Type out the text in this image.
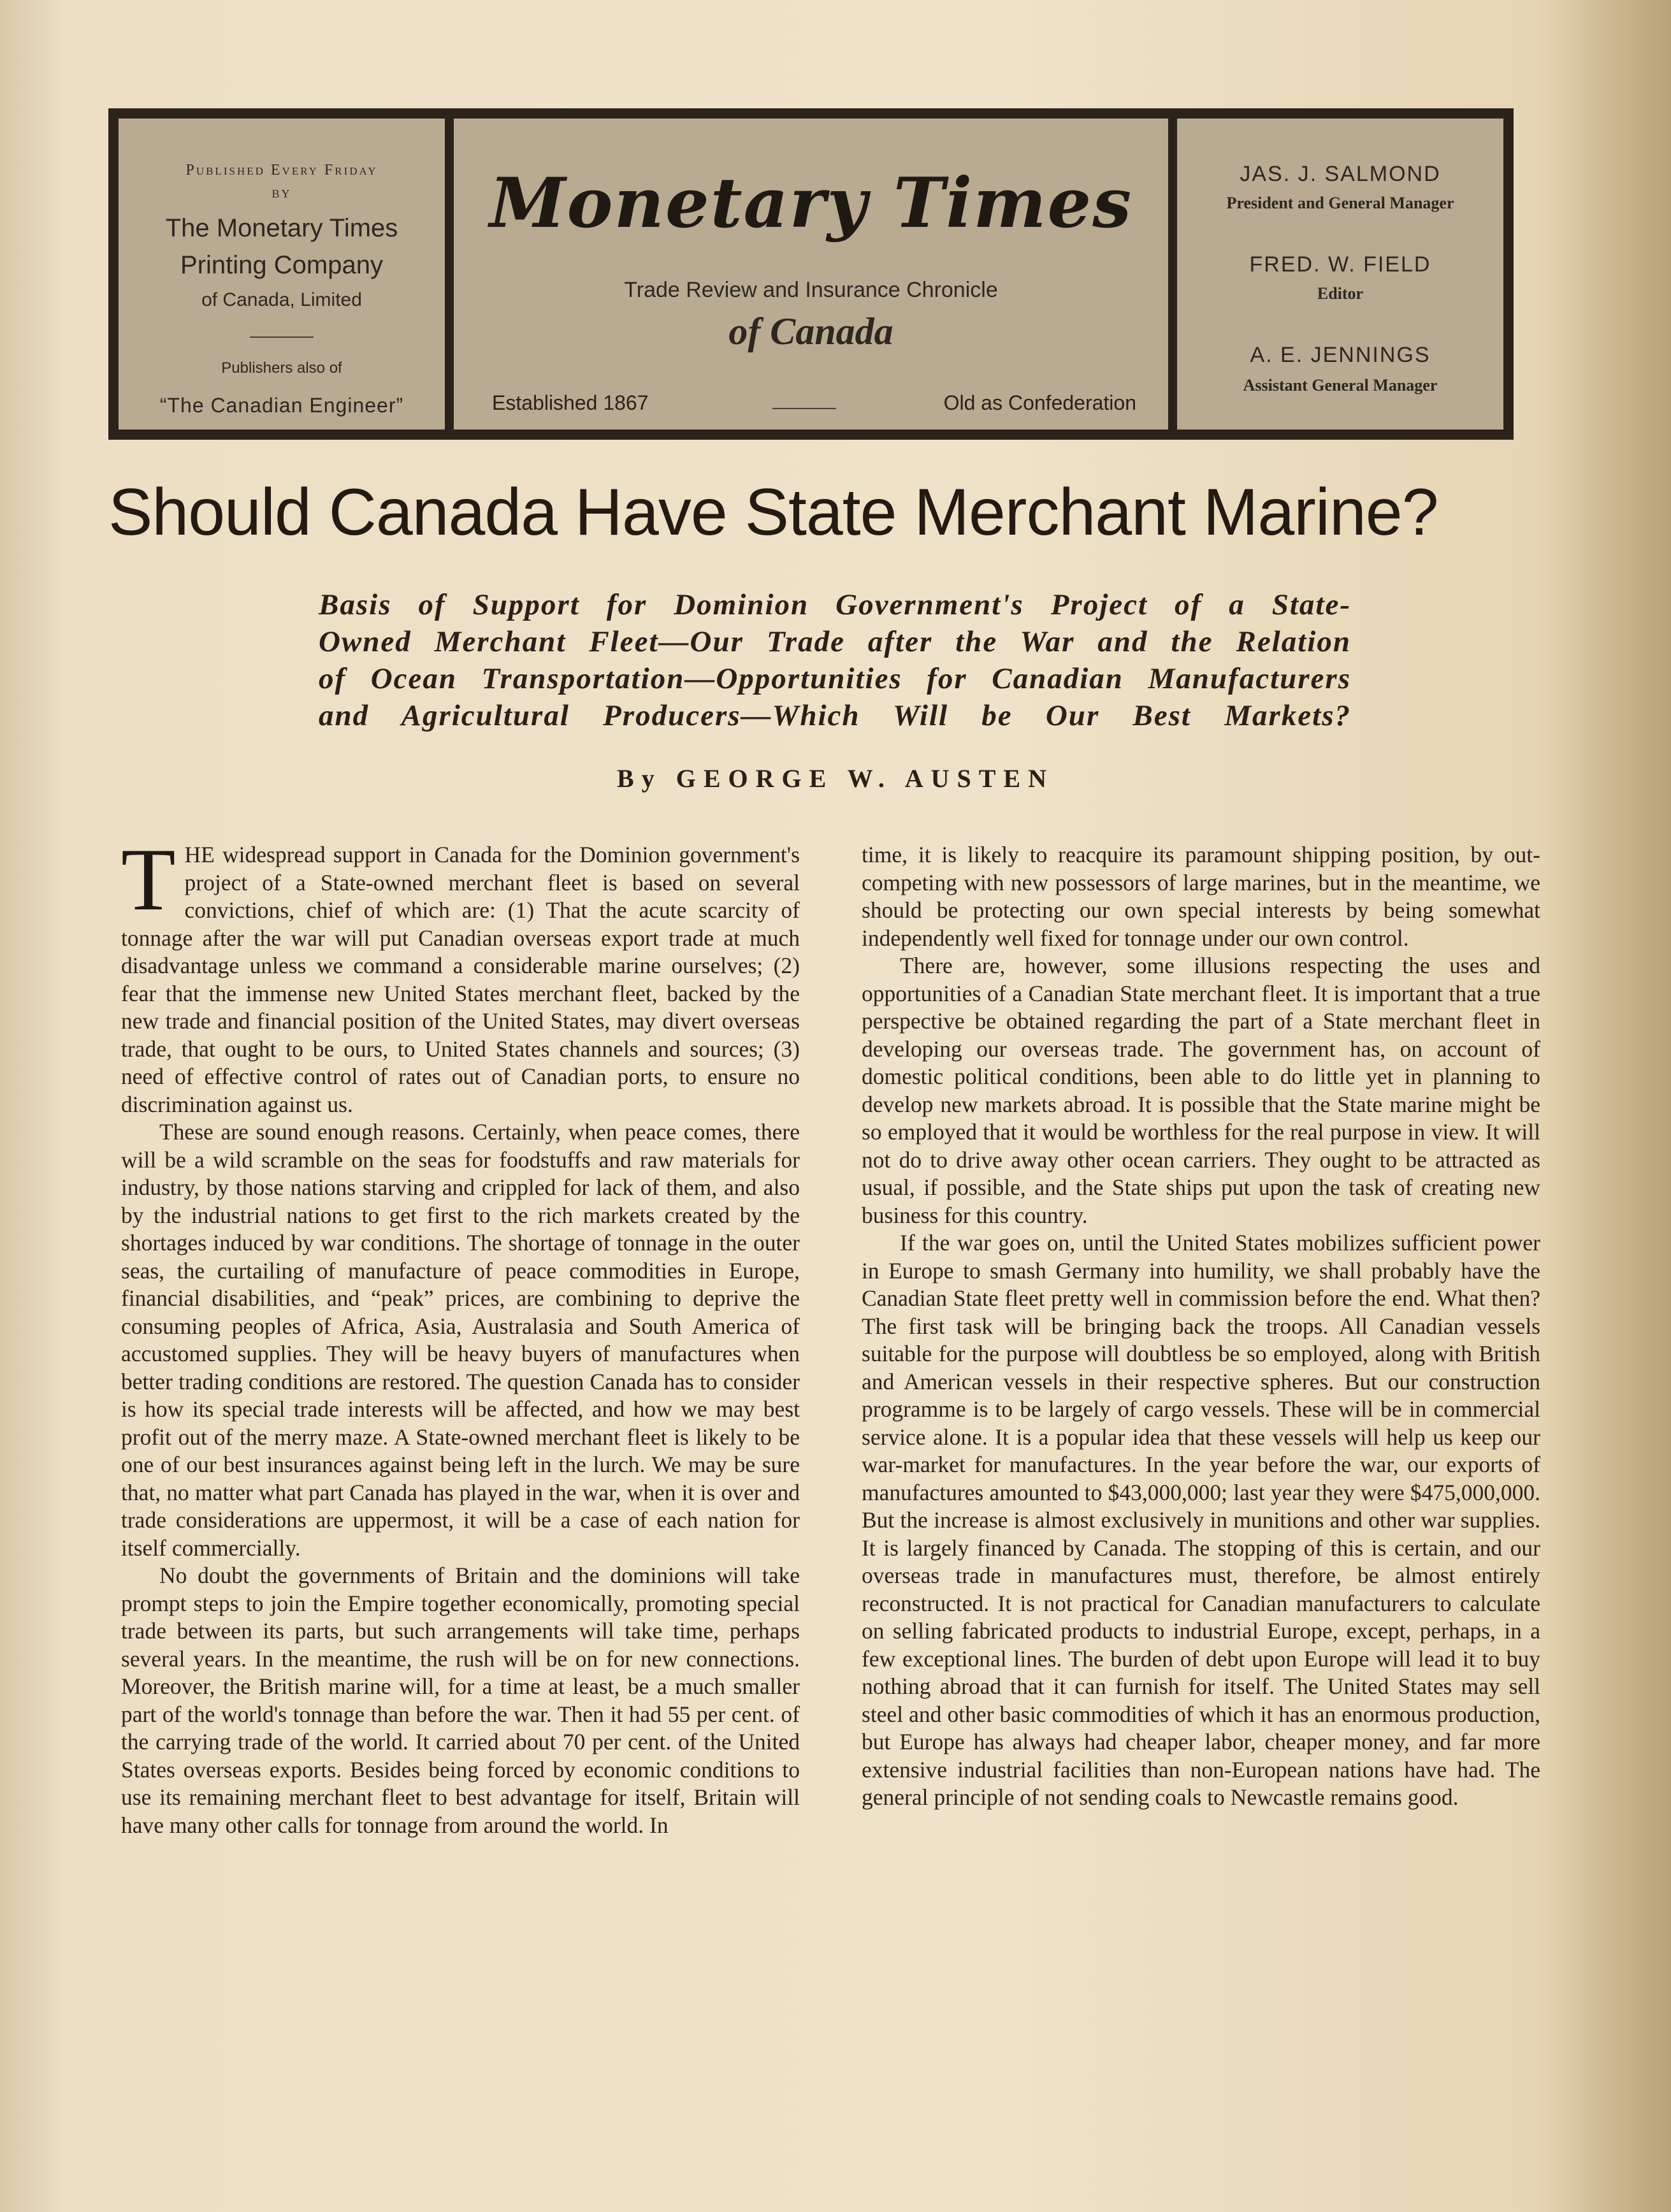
Published Every Friday
BY
The Monetary Times
Printing Company
of Canada, Limited
Publishers also of
“The Canadian Engineer”
Monetary Times
Trade Review and Insurance Chronicle
of Canada
Established 1867	Old as Confederation
JAS. J. SALMOND
President and General Manager
FRED. W. FIELD
Editor
A. E. JENNINGS
Assistant General Manager
Should Canada Have State Merchant Marine?
Basis of Support for Dominion Government's Project of a State-
Owned Merchant Fleet—Our Trade after the War and the Relation
of Ocean Transportation—Opportunities for Canadian Manufacturers
and Agricultural Producers—Which Will be Our Best Markets?
By GEORGE W. AUSTEN

THE widespread support in Canada for the Dominion government's project of a State-owned merchant fleet is based on several convictions, chief of which are: (1) That the acute scarcity of tonnage after the war will put Canadian overseas export trade at much disadvantage unless we command a considerable marine ourselves; (2) fear that the immense new United States merchant fleet, backed by the new trade and financial position of the United States, may divert overseas trade, that ought to be ours, to United States channels and sources; (3) need of effective control of rates out of Canadian ports, to ensure no discrimination against us.

These are sound enough reasons. Certainly, when peace comes, there will be a wild scramble on the seas for foodstuffs and raw materials for industry, by those nations starving and crippled for lack of them, and also by the industrial nations to get first to the rich markets created by the shortages induced by war conditions. The shortage of tonnage in the outer seas, the curtailing of manufacture of peace commodities in Europe, financial disabilities, and “peak” prices, are combining to deprive the consuming peoples of Africa, Asia, Australasia and South America of accustomed supplies. They will be heavy buyers of manufactures when better trading conditions are restored. The question Canada has to consider is how its special trade interests will be affected, and how we may best profit out of the merry maze. A State-owned merchant fleet is likely to be one of our best insurances against being left in the lurch. We may be sure that, no matter what part Canada has played in the war, when it is over and trade considerations are uppermost, it will be a case of each nation for itself commercially.

No doubt the governments of Britain and the dominions will take prompt steps to join the Empire together economically, promoting special trade between its parts, but such arrangements will take time, perhaps several years. In the meantime, the rush will be on for new connections. Moreover, the British marine will, for a time at least, be a much smaller part of the world's tonnage than before the war. Then it had 55 per cent. of the carrying trade of the world. It carried about 70 per cent. of the United States overseas exports. Besides being forced by economic conditions to use its remaining merchant fleet to best advantage for itself, Britain will have many other calls for tonnage from around the world. In

time, it is likely to reacquire its paramount shipping position, by out-competing with new possessors of large marines, but in the meantime, we should be protecting our own special interests by being somewhat independently well fixed for tonnage under our own control.

There are, however, some illusions respecting the uses and opportunities of a Canadian State merchant fleet. It is important that a true perspective be obtained regarding the part of a State merchant fleet in developing our overseas trade. The government has, on account of domestic political conditions, been able to do little yet in planning to develop new markets abroad. It is possible that the State marine might be so employed that it would be worthless for the real purpose in view. It will not do to drive away other ocean carriers. They ought to be attracted as usual, if possible, and the State ships put upon the task of creating new business for this country.

If the war goes on, until the United States mobilizes sufficient power in Europe to smash Germany into humility, we shall probably have the Canadian State fleet pretty well in commission before the end. What then? The first task will be bringing back the troops. All Canadian vessels suitable for the purpose will doubtless be so employed, along with British and American vessels in their respective spheres. But our construction programme is to be largely of cargo vessels. These will be in commercial service alone. It is a popular idea that these vessels will help us keep our war-market for manufactures. In the year before the war, our exports of manufactures amounted to $43,000,000; last year they were $475,000,000. But the increase is almost exclusively in munitions and other war supplies. It is largely financed by Canada. The stopping of this is certain, and our overseas trade in manufactures must, therefore, be almost entirely reconstructed. It is not practical for Canadian manufacturers to calculate on selling fabricated products to industrial Europe, except, perhaps, in a few exceptional lines. The burden of debt upon Europe will lead it to buy nothing abroad that it can furnish for itself. The United States may sell steel and other basic commodities of which it has an enormous production, but Europe has always had cheaper labor, cheaper money, and far more extensive industrial facilities than non-European nations have had. The general principle of not sending coals to Newcastle remains good.
